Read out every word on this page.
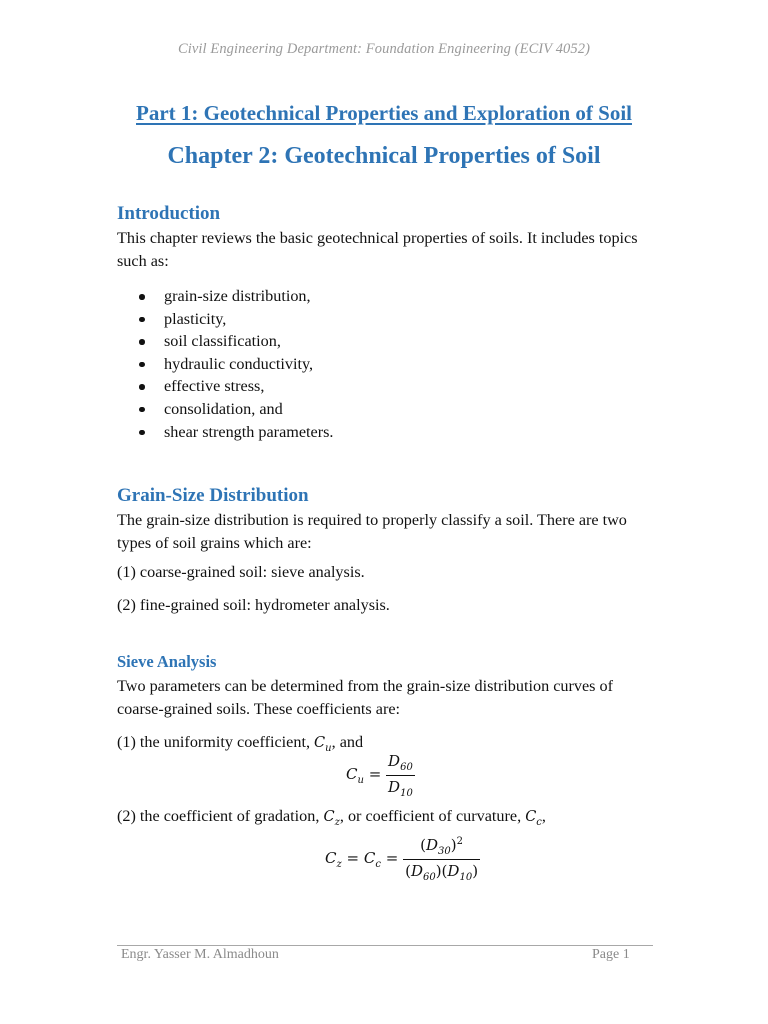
Civil Engineering Department: Foundation Engineering (ECIV 4052)
Part 1: Geotechnical Properties and Exploration of Soil
Chapter 2: Geotechnical Properties of Soil
Introduction

This chapter reviews the basic geotechnical properties of soils. It includes topics such as:

grain-size distribution,
plasticity,
soil classification,
hydraulic conductivity,
effective stress,
consolidation, and
shear strength parameters.
Grain-Size Distribution

The grain-size distribution is required to properly classify a soil. There are two types of soil grains which are:

(1) coarse-grained soil: sieve analysis.

(2) fine-grained soil: hydrometer analysis.

Sieve Analysis

Two parameters can be determined from the grain-size distribution curves of coarse-grained soils. These coefficients are:

(1) the uniformity coefficient, $C_u$, and

$C_u = \frac{D_{60}}{D_{10}}$

(2) the coefficient of gradation, $C_z$, or coefficient of curvature, $C_c$,

$C_z = C_c = \frac{(D_{30})^2}{(D_{60})(D_{10})}$
Engr. Yasser M. Almadhoun	Page 1
